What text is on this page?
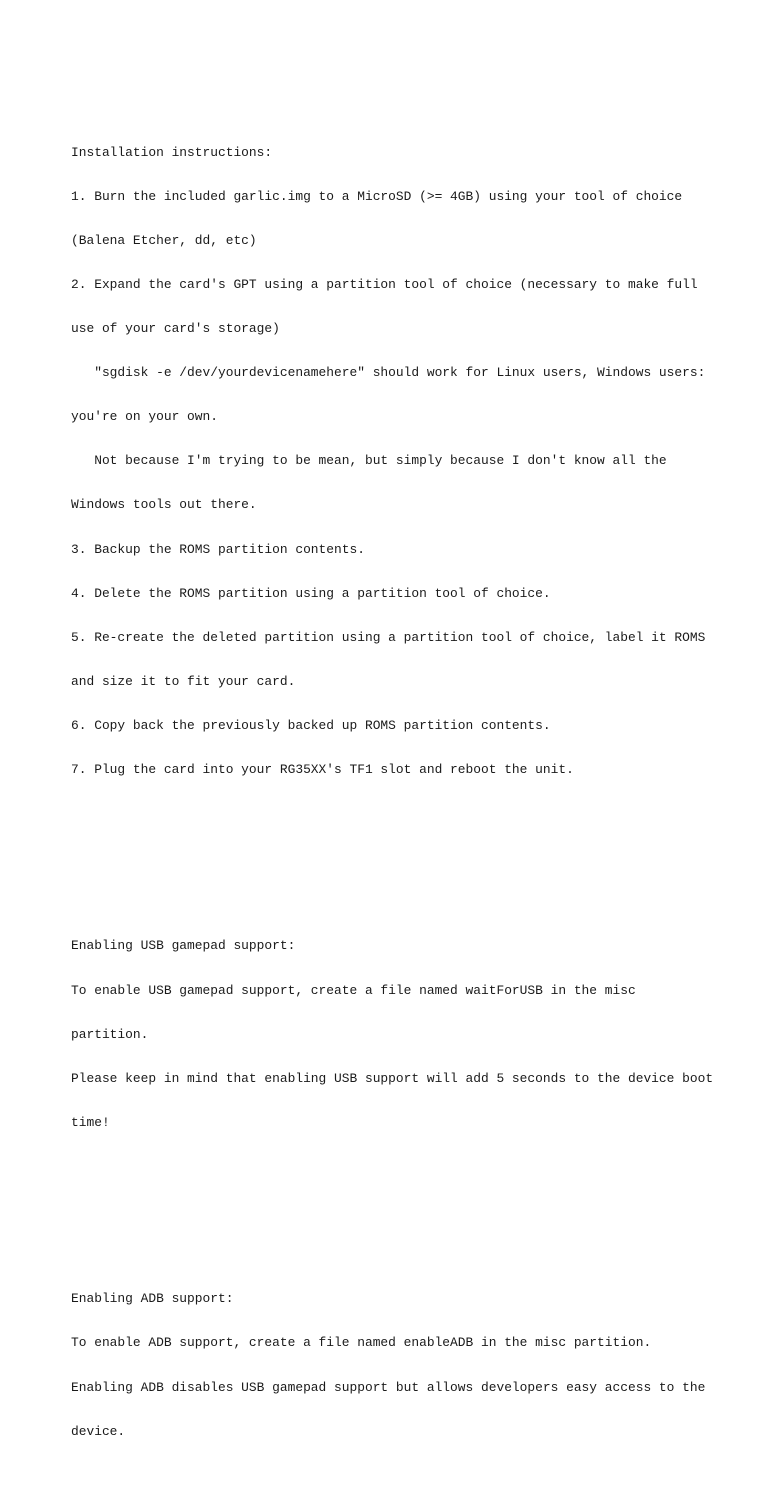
Installation instructions:

1. Burn the included garlic.img to a MicroSD (>= 4GB) using your tool of choice

(Balena Etcher, dd, etc)

2. Expand the card's GPT using a partition tool of choice (necessary to make full

use of your card's storage)

"sgdisk -e /dev/yourdevicenamehere" should work for Linux users, Windows users:

you're on your own.

Not because I'm trying to be mean, but simply because I don't know all the

Windows tools out there.

3. Backup the ROMS partition contents.

4. Delete the ROMS partition using a partition tool of choice.

5. Re-create the deleted partition using a partition tool of choice, label it ROMS

and size it to fit your card.

6. Copy back the previously backed up ROMS partition contents.

7. Plug the card into your RG35XX's TF1 slot and reboot the unit.

Enabling USB gamepad support:

To enable USB gamepad support, create a file named waitForUSB in the misc

partition.

Please keep in mind that enabling USB support will add 5 seconds to the device boot

time!

Enabling ADB support:

To enable ADB support, create a file named enableADB in the misc partition.

Enabling ADB disables USB gamepad support but allows developers easy access to the

device.
